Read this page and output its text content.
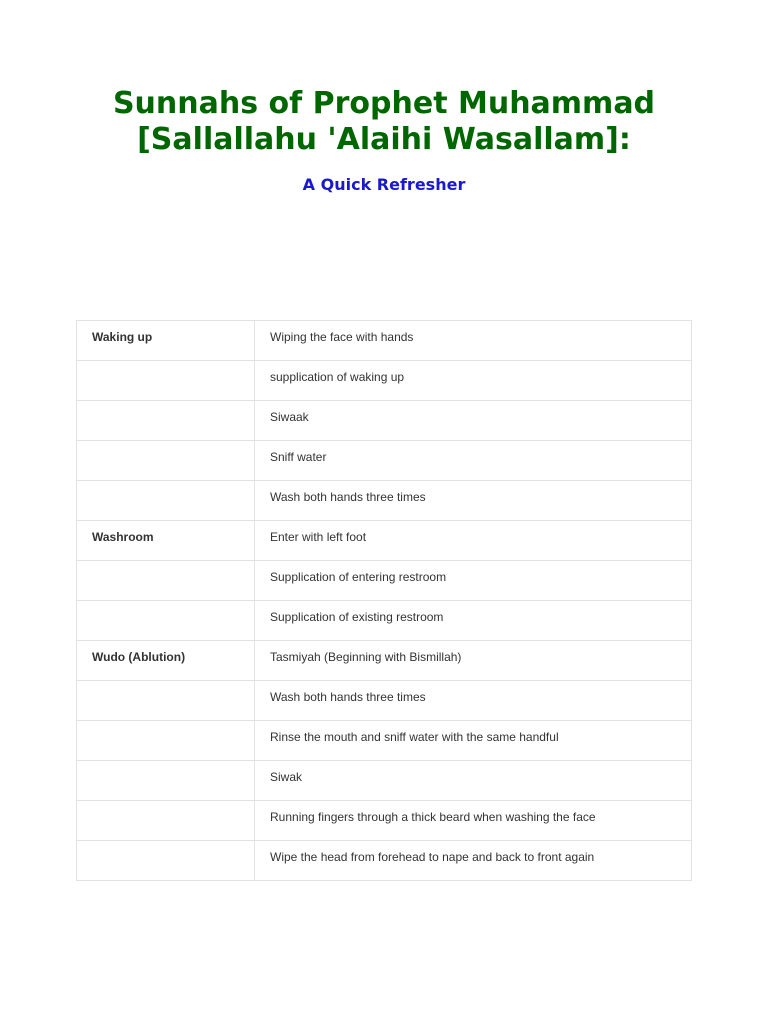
Sunnahs of Prophet Muhammad
[Sallallahu 'Alaihi Wasallam]:
A Quick Refresher
Waking up	Wiping the face with hands

	supplication of waking up

	Siwaak

	Sniff water

	Wash both hands three times

Washroom	Enter with left foot

	Supplication of entering restroom

	Supplication of existing restroom

Wudo (Ablution)	Tasmiyah (Beginning with Bismillah)

	Wash both hands three times

	Rinse the mouth and sniff water with the same handful

	Siwak

	Running fingers through a thick beard when washing the face

	Wipe the head from forehead to nape and back to front again
